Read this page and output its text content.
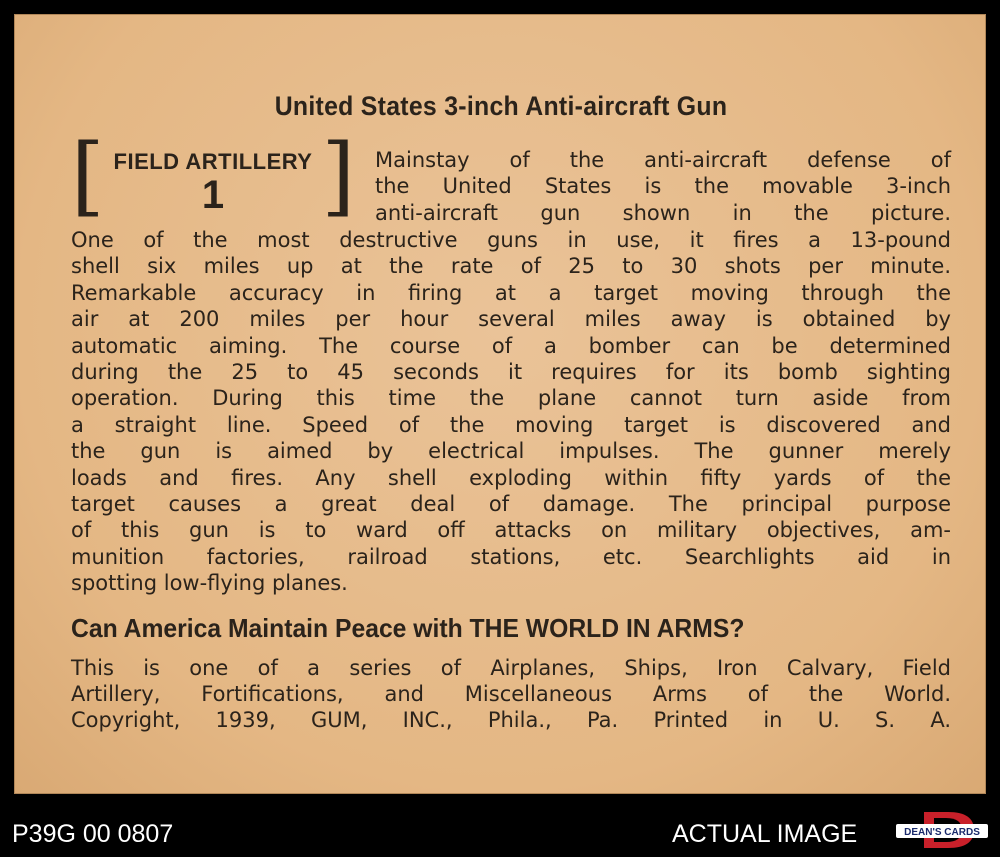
United States 3-inch Anti-aircraft Gun
[ FIELD ARTILLERY
1	] Mainstay of the anti-aircraft defense of
the United States is the movable 3-inch
anti-aircraft gun shown in the picture.
One of the most destructive guns in use, it fires a 13-pound
shell six miles up at the rate of 25 to 30 shots per minute.
Remarkable accuracy in firing at a target moving through the
air at 200 miles per hour several miles away is obtained by
automatic aiming. The course of a bomber can be determined
during the 25 to 45 seconds it requires for its bomb sighting
operation. During this time the plane cannot turn aside from
a straight line. Speed of the moving target is discovered and
the gun is aimed by electrical impulses. The gunner merely
loads and fires. Any shell exploding within fifty yards of the
target causes a great deal of damage. The principal purpose
of this gun is to ward off attacks on military objectives, am-
munition factories, railroad stations, etc. Searchlights aid in
spotting low-flying planes.
Can America Maintain Peace with THE WORLD IN ARMS?
This is one of a series of Airplanes, Ships, Iron Calvary, Field
Artillery, Fortifications, and Miscellaneous Arms of the World.
Copyright, 1939, GUM, INC., Phila., Pa. Printed in U. S. A.
P39G 00 0807	ACTUAL IMAGE	DEAN'S CARDS
